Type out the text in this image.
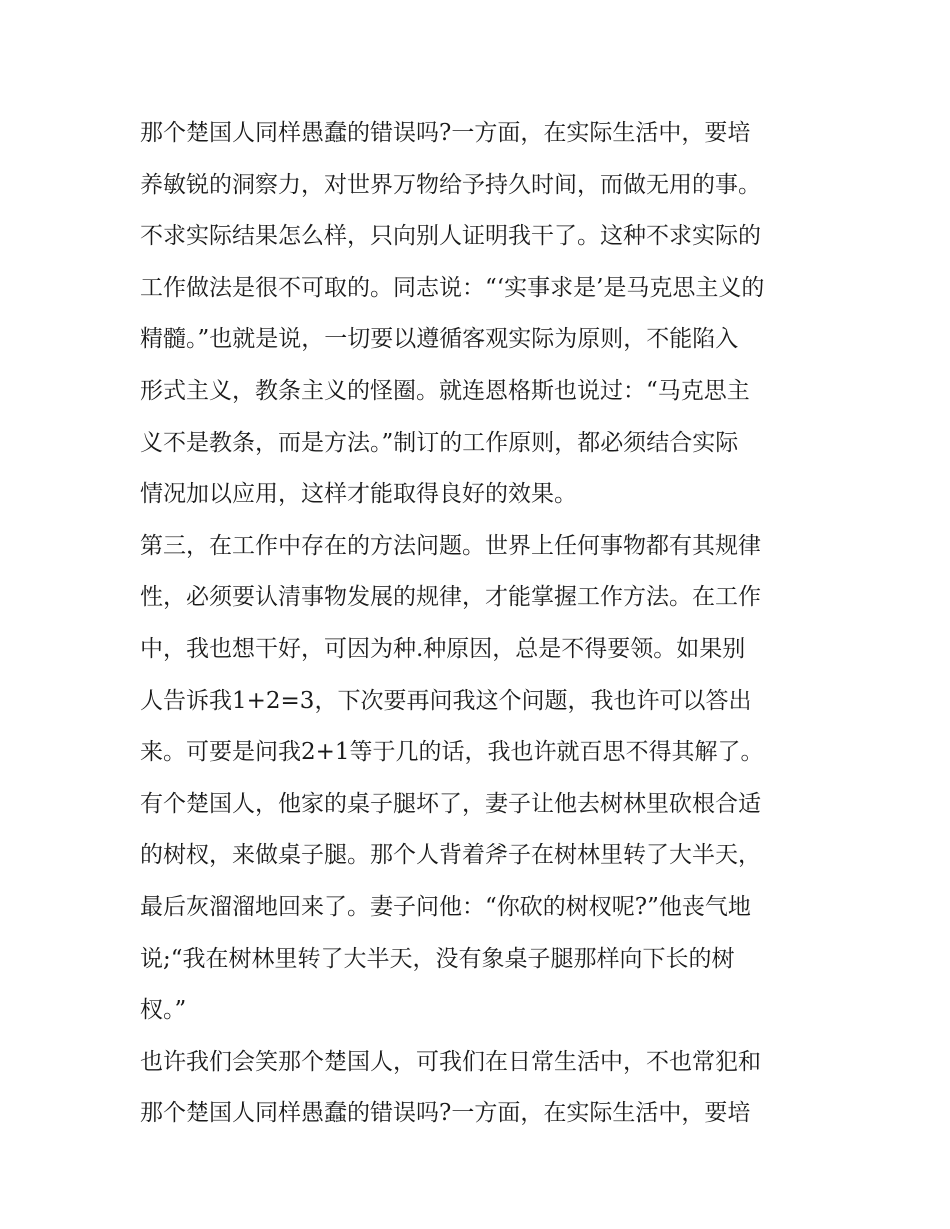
那个楚国人同样愚蠢的错误吗?一方面，在实际生活中，要培
养敏锐的洞察力，对世界万物给予持久时间，而做无用的事。
不求实际结果怎么样，只向别人证明我干了。这种不求实际的
工作做法是很不可取的。同志说：“‘实事求是’是马克思主义的
精髓。”也就是说，一切要以遵循客观实际为原则，不能陷入
形式主义，教条主义的怪圈。就连恩格斯也说过：“马克思主
义不是教条，而是方法。”制订的工作原则，都必须结合实际
情况加以应用，这样才能取得良好的效果。
第三，在工作中存在的方法问题。世界上任何事物都有其规律
性，必须要认清事物发展的规律，才能掌握工作方法。在工作
中，我也想干好，可因为种.种原因，总是不得要领。如果别
人告诉我1+2=3，下次要再问我这个问题，我也许可以答出
来。可要是问我2+1等于几的话，我也许就百思不得其解了。
有个楚国人，他家的桌子腿坏了，妻子让他去树林里砍根合适
的树杈，来做桌子腿。那个人背着斧子在树林里转了大半天，
最后灰溜溜地回来了。妻子问他：“你砍的树杈呢?”他丧气地
说;“我在树林里转了大半天，没有象桌子腿那样向下长的树
杈。”
也许我们会笑那个楚国人，可我们在日常生活中，不也常犯和
那个楚国人同样愚蠢的错误吗?一方面，在实际生活中，要培
